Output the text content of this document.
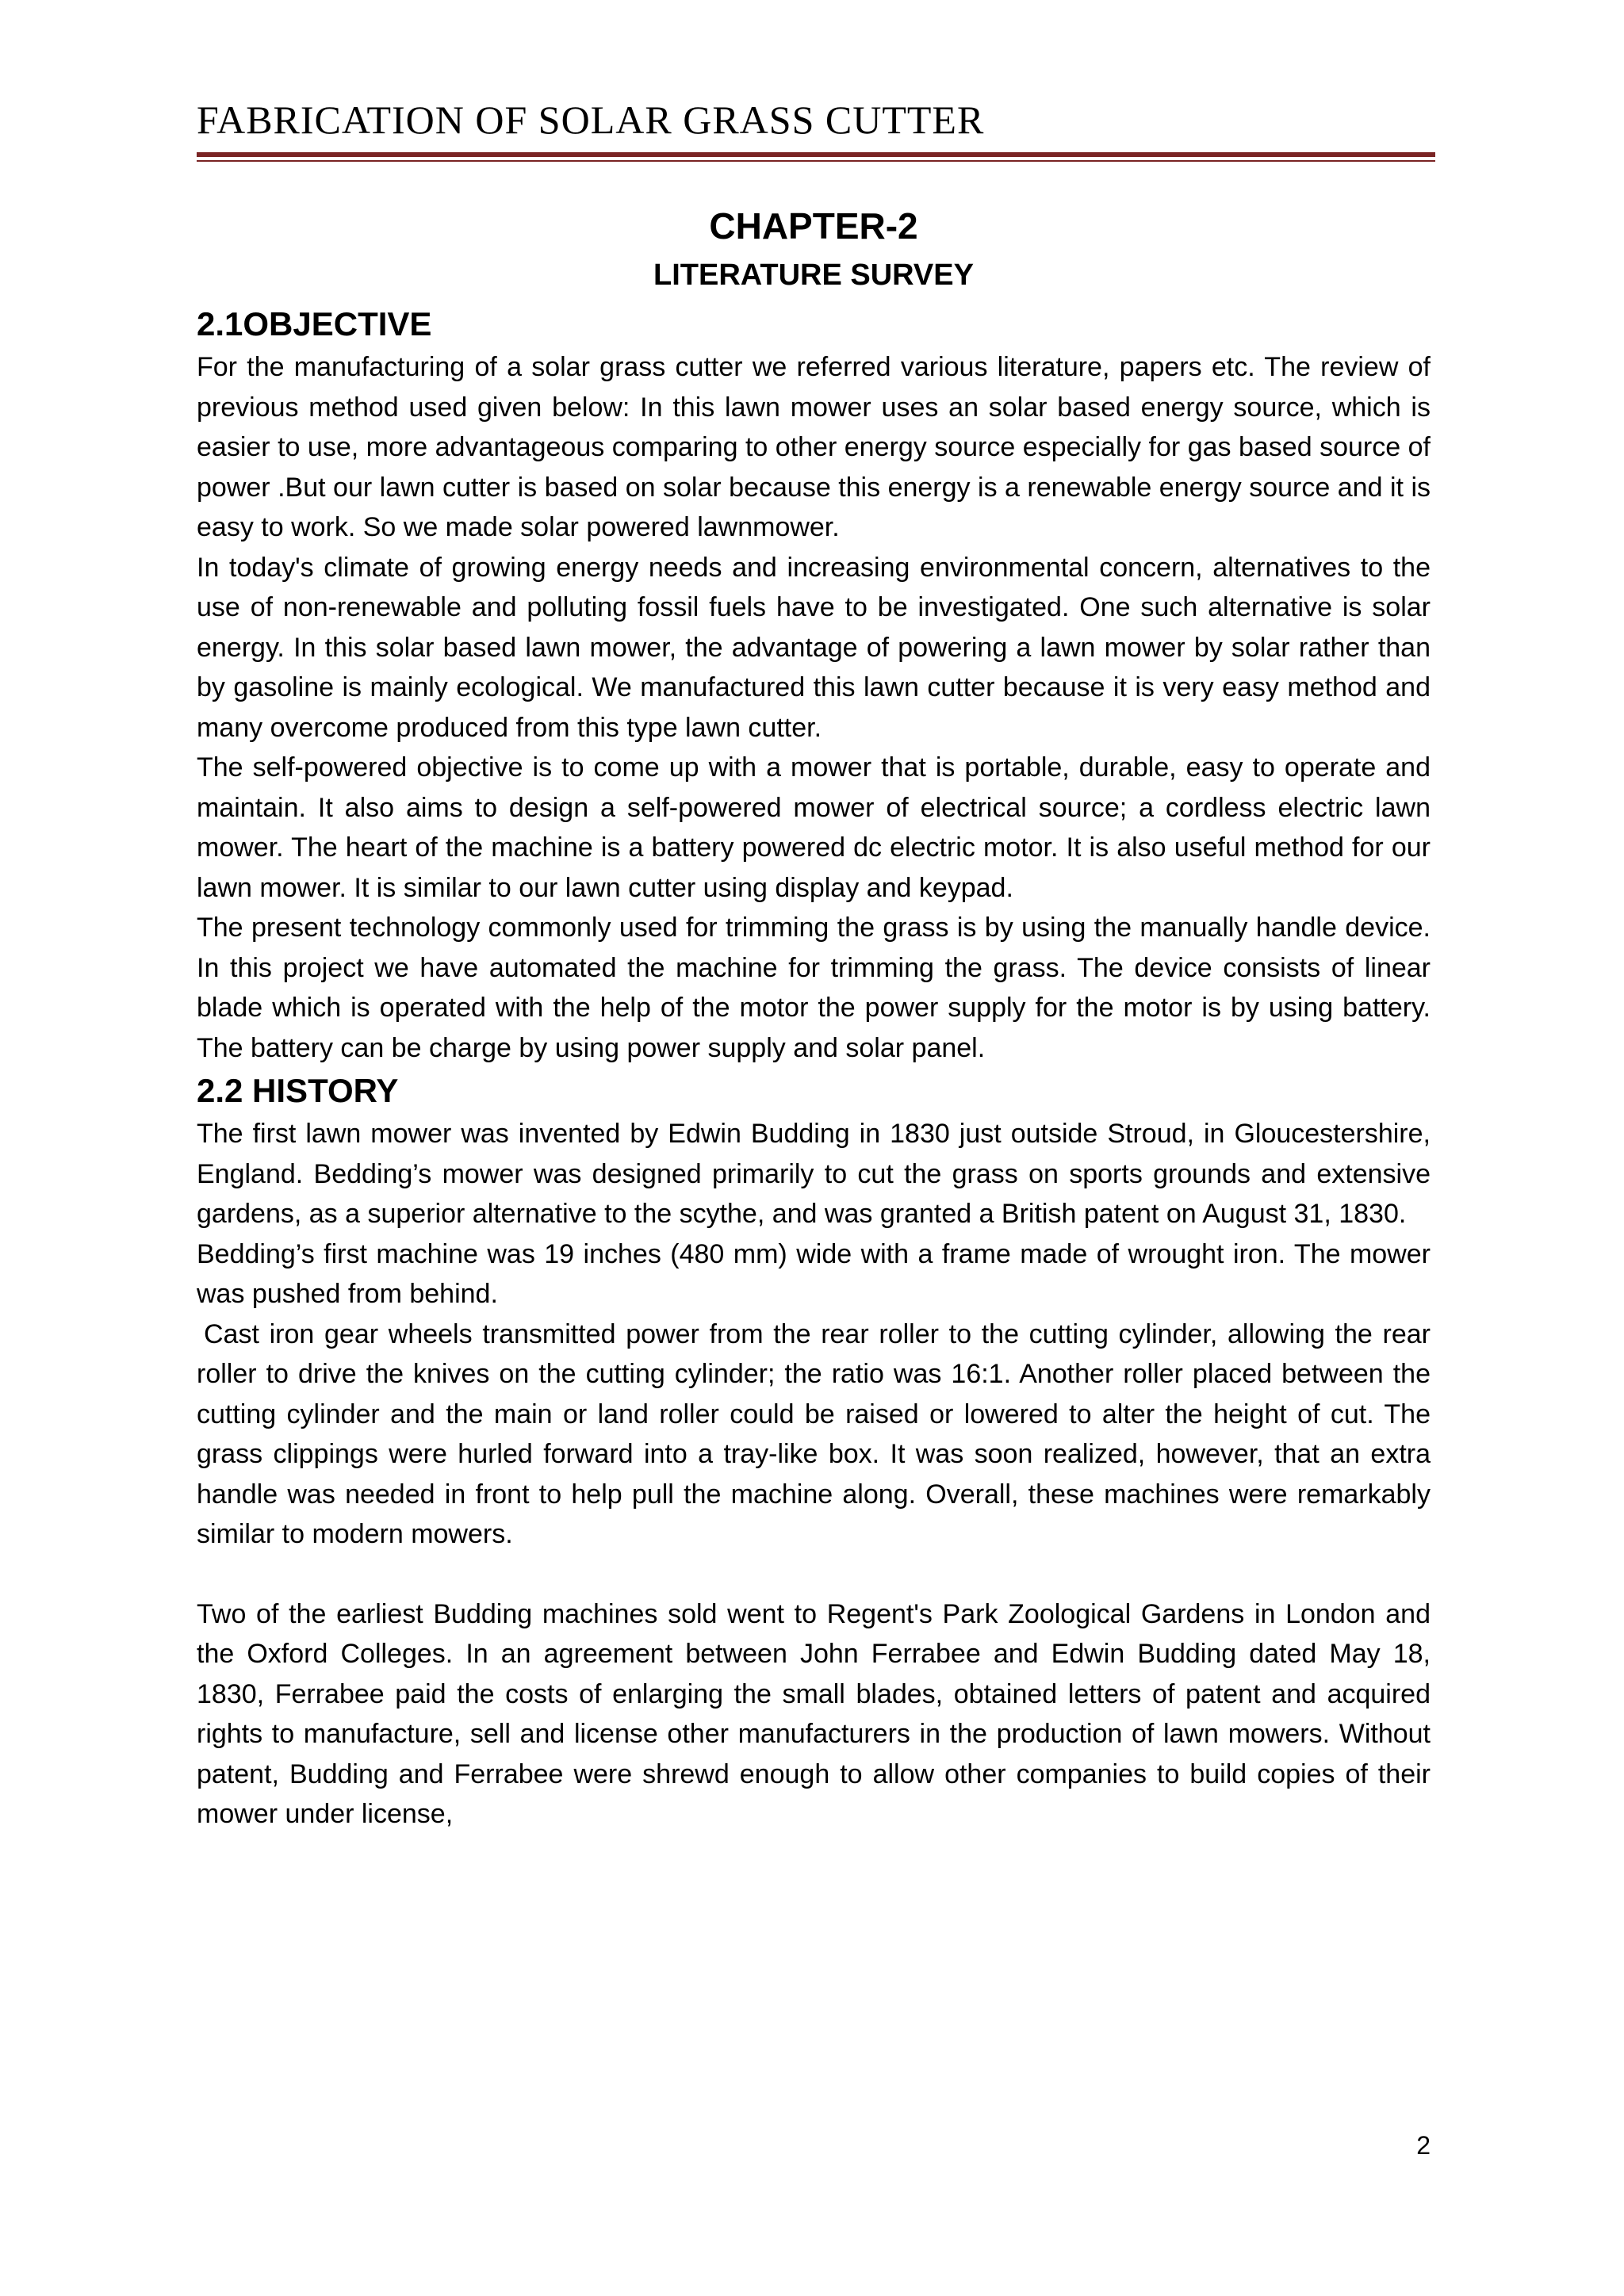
FABRICATION OF SOLAR GRASS CUTTER
CHAPTER-2
LITERATURE SURVEY
2.1OBJECTIVE

For the manufacturing of a solar grass cutter we referred various literature, papers etc. The review of previous method used given below: In this lawn mower uses an solar based energy source, which is easier to use, more advantageous comparing to other energy source especially for gas based source of power .But our lawn cutter is based on solar because this energy is a renewable energy source and it is easy to work. So we made solar powered lawnmower.

In today's climate of growing energy needs and increasing environmental concern, alternatives to the use of non-renewable and polluting fossil fuels have to be investigated. One such alternative is solar energy. In this solar based lawn mower, the advantage of powering a lawn mower by solar rather than by gasoline is mainly ecological. We manufactured this lawn cutter because it is very easy method and many overcome produced from this type lawn cutter.

The self-powered objective is to come up with a mower that is portable, durable, easy to operate and maintain. It also aims to design a self-powered mower of electrical source; a cordless electric lawn mower. The heart of the machine is a battery powered dc electric motor. It is also useful method for our lawn mower. It is similar to our lawn cutter using display and keypad.

The present technology commonly used for trimming the grass is by using the manually handle device. In this project we have automated the machine for trimming the grass. The device consists of linear blade which is operated with the help of the motor the power supply for the motor is by using battery. The battery can be charge by using power supply and solar panel.

2.2 HISTORY

The first lawn mower was invented by Edwin Budding in 1830 just outside Stroud, in Gloucestershire, England. Bedding’s mower was designed primarily to cut the grass on sports grounds and extensive gardens, as a superior alternative to the scythe, and was granted a British patent on August 31, 1830.

Bedding’s first machine was 19 inches (480 mm) wide with a frame made of wrought iron. The mower was pushed from behind.

Cast iron gear wheels transmitted power from the rear roller to the cutting cylinder, allowing the rear roller to drive the knives on the cutting cylinder; the ratio was 16:1. Another roller placed between the cutting cylinder and the main or land roller could be raised or lowered to alter the height of cut. The grass clippings were hurled forward into a tray-like box. It was soon realized, however, that an extra handle was needed in front to help pull the machine along. Overall, these machines were remarkably similar to modern mowers.

Two of the earliest Budding machines sold went to Regent's Park Zoological Gardens in London and the Oxford Colleges. In an agreement between John Ferrabee and Edwin Budding dated May 18, 1830, Ferrabee paid the costs of enlarging the small blades, obtained letters of patent and acquired rights to manufacture, sell and license other manufacturers in the production of lawn mowers. Without patent, Budding and Ferrabee were shrewd enough to allow other companies to build copies of their mower under license,

2
